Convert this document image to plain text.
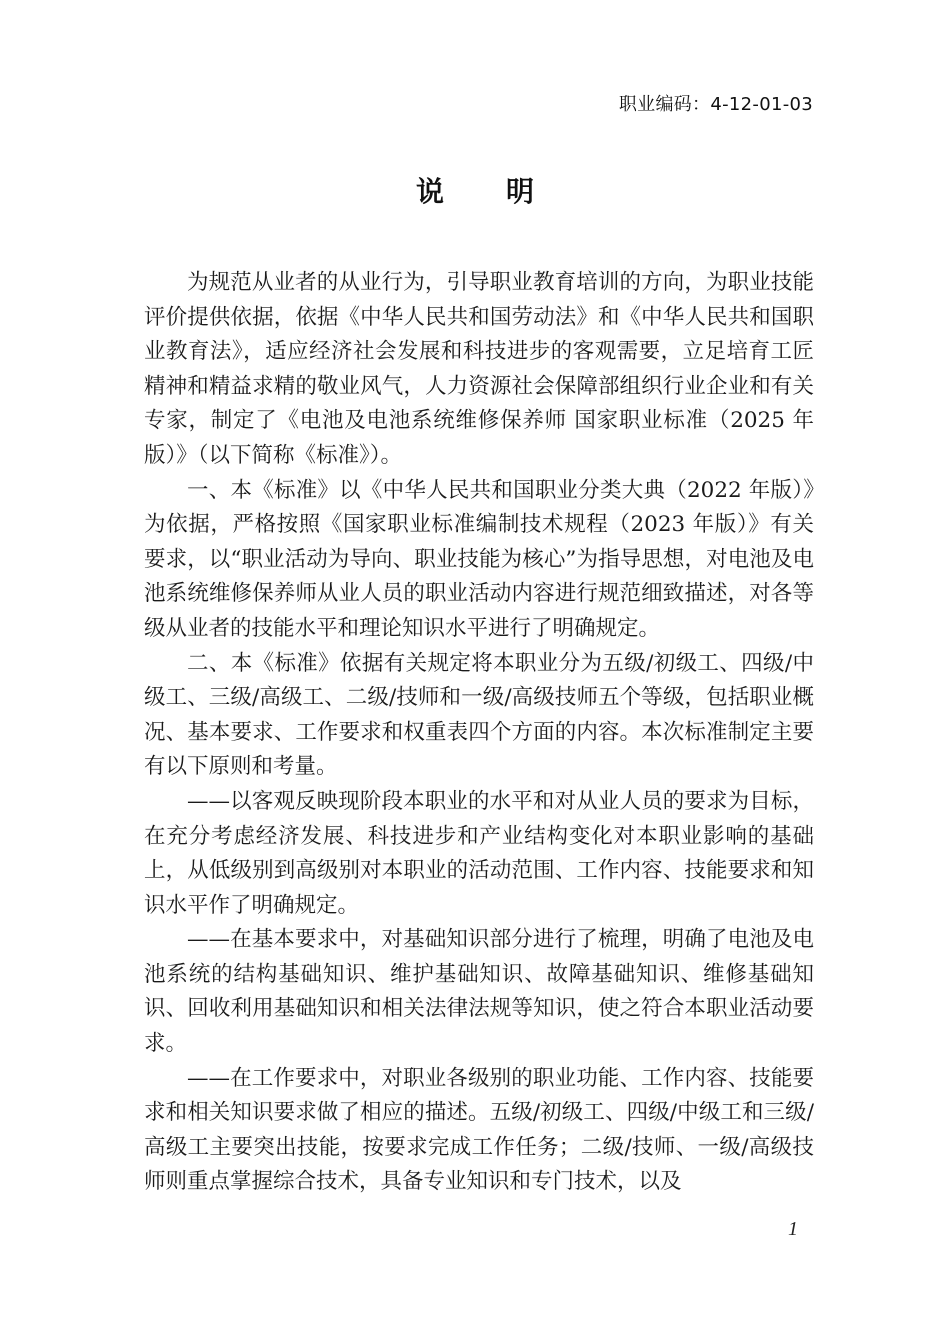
职业编码：4-12-01-03
说 明

为规范从业者的从业行为，引导职业教育培训的方向，为职业技能评价提供依据，依据《中华人民共和国劳动法》和《中华人民共和国职业教育法》，适应经济社会发展和科技进步的客观需要，立足培育工匠精神和精益求精的敬业风气，人力资源社会保障部组织行业企业和有关专家，制定了《电池及电池系统维修保养师 国家职业标准（2025 年版）》（以下简称《标准》）。

一、本《标准》以《中华人民共和国职业分类大典（2022 年版）》为依据，严格按照《国家职业标准编制技术规程（2023 年版）》有关要求，以“职业活动为导向、职业技能为核心”为指导思想，对电池及电池系统维修保养师从业人员的职业活动内容进行规范细致描述，对各等级从业者的技能水平和理论知识水平进行了明确规定。

二、本《标准》依据有关规定将本职业分为五级/初级工、四级/中级工、三级/高级工、二级/技师和一级/高级技师五个等级，包括职业概况、基本要求、工作要求和权重表四个方面的内容。本次标准制定主要有以下原则和考量。

——以客观反映现阶段本职业的水平和对从业人员的要求为目标，在充分考虑经济发展、科技进步和产业结构变化对本职业影响的基础上，从低级别到高级别对本职业的活动范围、工作内容、技能要求和知识水平作了明确规定。

——在基本要求中，对基础知识部分进行了梳理，明确了电池及电池系统的结构基础知识、维护基础知识、故障基础知识、维修基础知识、回收利用基础知识和相关法律法规等知识，使之符合本职业活动要求。

——在工作要求中，对职业各级别的职业功能、工作内容、技能要求和相关知识要求做了相应的描述。五级/初级工、四级/中级工和三级/高级工主要突出技能，按要求完成工作任务；二级/技师、一级/高级技师则重点掌握综合技术，具备专业知识和专门技术，以及

1
